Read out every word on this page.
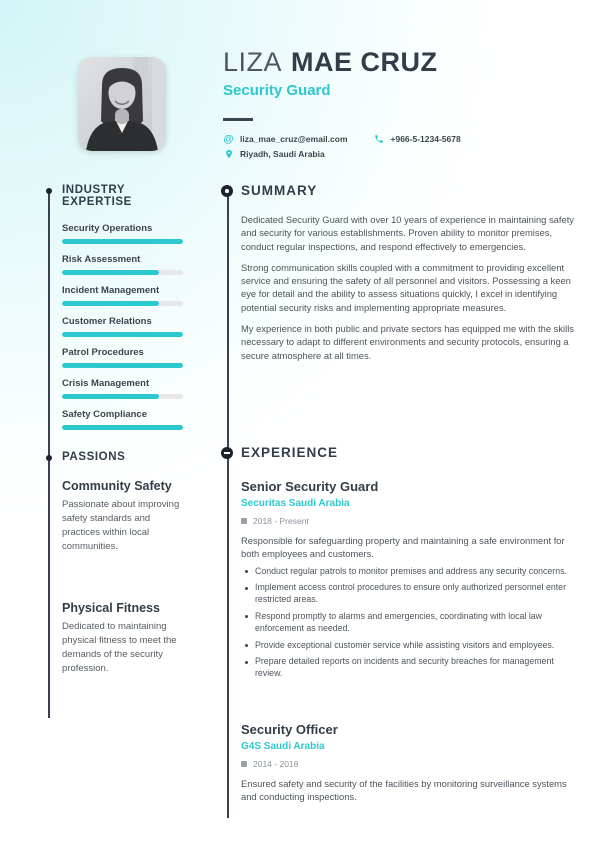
LIZA MAE CRUZ
Security Guard
@ liza_mae_cruz@email.com	+966-5-1234-5678
Riyadh, Saudi Arabia
INDUSTRY EXPERTISE
Security Operations
Risk Assessment
Incident Management
Customer Relations
Patrol Procedures
Crisis Management
Safety Compliance
PASSIONS
Community Safety
Passionate about improving safety standards and practices within local communities.
Physical Fitness
Dedicated to maintaining physical fitness to meet the demands of the security profession.
SUMMARY

Dedicated Security Guard with over 10 years of experience in maintaining safety and security for various establishments. Proven ability to monitor premises, conduct regular inspections, and respond effectively to emergencies.

Strong communication skills coupled with a commitment to providing excellent service and ensuring the safety of all personnel and visitors. Possessing a keen eye for detail and the ability to assess situations quickly, I excel in identifying potential security risks and implementing appropriate measures.

My experience in both public and private sectors has equipped me with the skills necessary to adapt to different environments and security protocols, ensuring a secure atmosphere at all times.

EXPERIENCE
Senior Security Guard
Securitas Saudi Arabia
2018 - Present
Responsible for safeguarding property and maintaining a safe environment for both employees and customers.
Conduct regular patrols to monitor premises and address any security concerns.
Implement access control procedures to ensure only authorized personnel enter restricted areas.
Respond promptly to alarms and emergencies, coordinating with local law enforcement as needed.
Provide exceptional customer service while assisting visitors and employees.
Prepare detailed reports on incidents and security breaches for management review.
Security Officer
G4S Saudi Arabia
2014 - 2018
Ensured safety and security of the facilities by monitoring surveillance systems and conducting inspections.
